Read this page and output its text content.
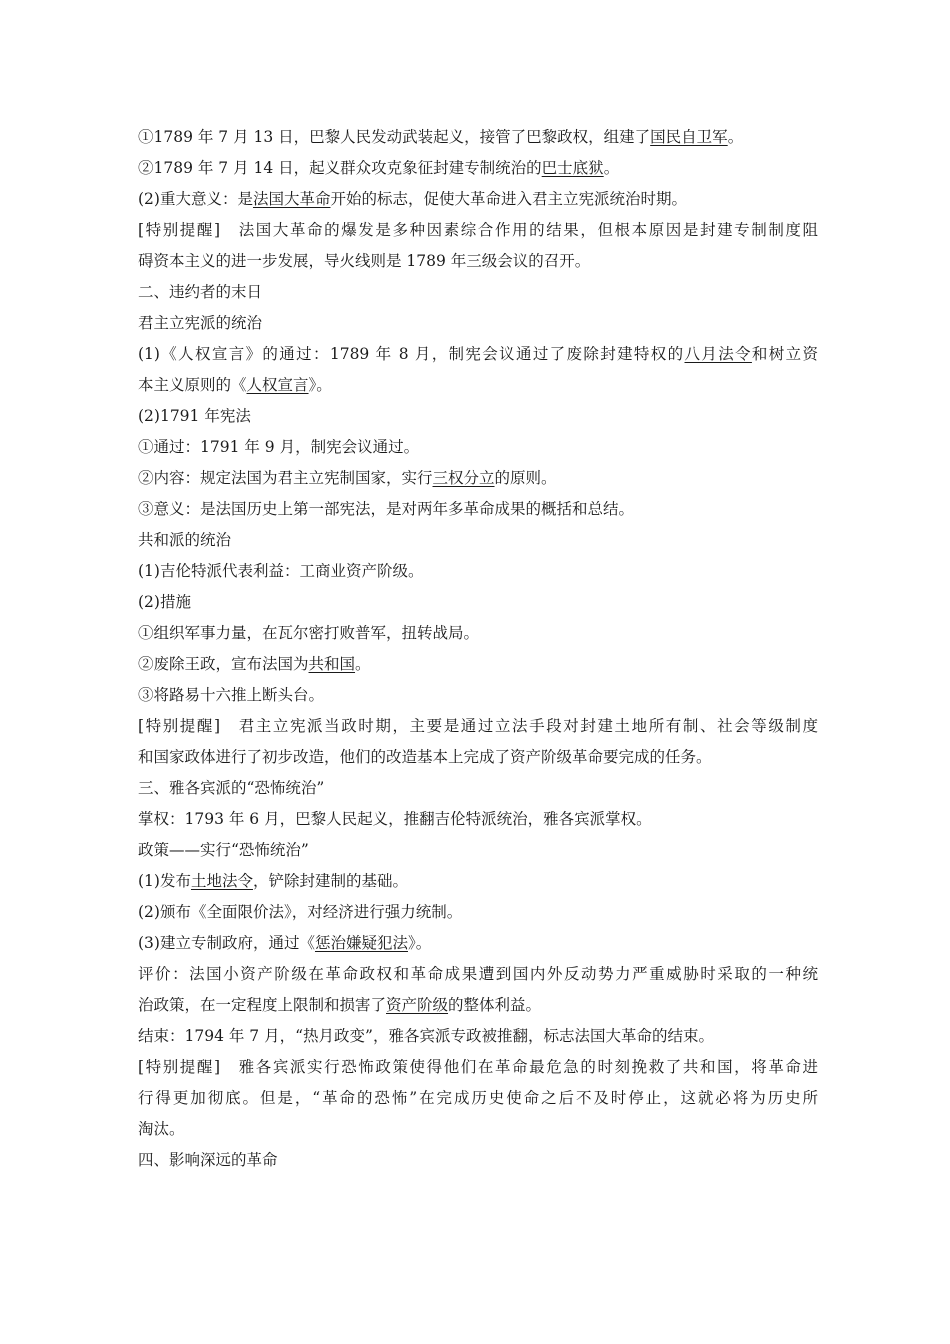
①1789 年 7 月 13 日，巴黎人民发动武装起义，接管了巴黎政权，组建了国民自卫军。
②1789 年 7 月 14 日，起义群众攻克象征封建专制统治的巴士底狱。
(2)重大意义：是法国大革命开始的标志，促使大革命进入君主立宪派统治时期。
[特别提醒]　法国大革命的爆发是多种因素综合作用的结果，但根本原因是封建专制制度阻
碍资本主义的进一步发展，导火线则是 1789 年三级会议的召开。
二、违约者的末日
君主立宪派的统治
(1)《人权宣言》的通过：1789 年 8 月，制宪会议通过了废除封建特权的八月法令和树立资
本主义原则的《人权宣言》。
(2)1791 年宪法
①通过：1791 年 9 月，制宪会议通过。
②内容：规定法国为君主立宪制国家，实行三权分立的原则。
③意义：是法国历史上第一部宪法，是对两年多革命成果的概括和总结。
共和派的统治
(1)吉伦特派代表利益：工商业资产阶级。
(2)措施
①组织军事力量，在瓦尔密打败普军，扭转战局。
②废除王政，宣布法国为共和国。
③将路易十六推上断头台。
[特别提醒]　君主立宪派当政时期，主要是通过立法手段对封建土地所有制、社会等级制度
和国家政体进行了初步改造，他们的改造基本上完成了资产阶级革命要完成的任务。
三、雅各宾派的“恐怖统治”
掌权：1793 年 6 月，巴黎人民起义，推翻吉伦特派统治，雅各宾派掌权。
政策——实行“恐怖统治”
(1)发布土地法令，铲除封建制的基础。
(2)颁布《全面限价法》，对经济进行强力统制。
(3)建立专制政府，通过《惩治嫌疑犯法》。
评价：法国小资产阶级在革命政权和革命成果遭到国内外反动势力严重威胁时采取的一种统
治政策，在一定程度上限制和损害了资产阶级的整体利益。
结束：1794 年 7 月，“热月政变”，雅各宾派专政被推翻，标志法国大革命的结束。
[特别提醒]　雅各宾派实行恐怖政策使得他们在革命最危急的时刻挽救了共和国，将革命进
行得更加彻底。但是，“革命的恐怖”在完成历史使命之后不及时停止，这就必将为历史所
淘汰。
四、影响深远的革命
